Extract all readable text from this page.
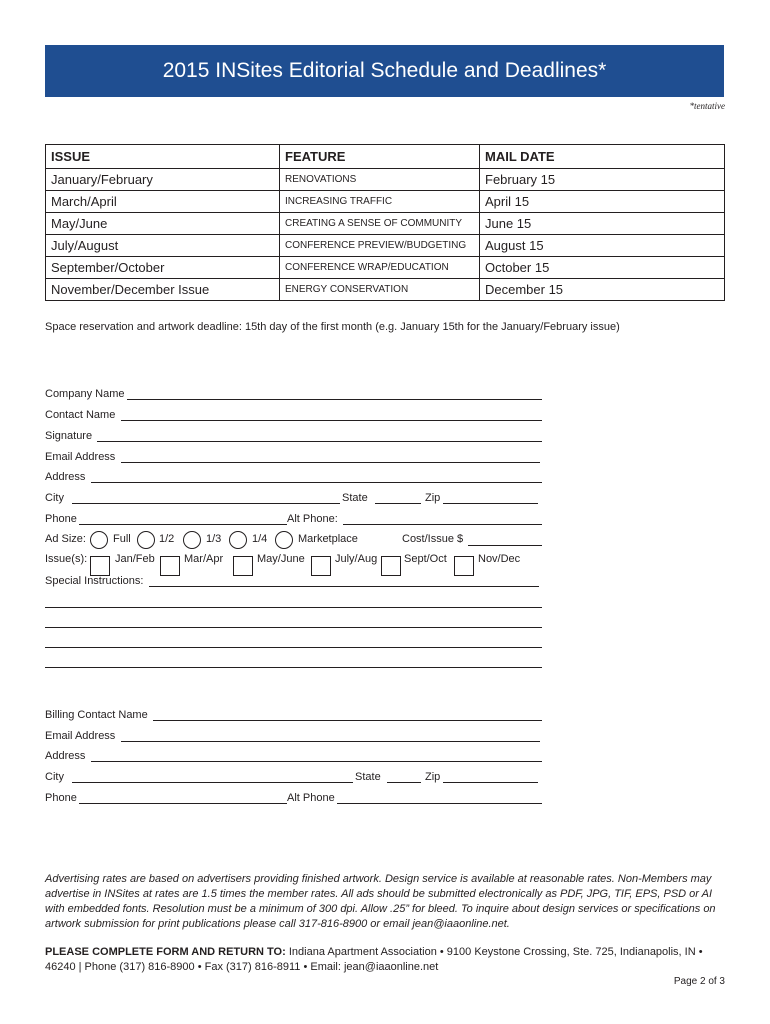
2015 INSites Editorial Schedule and Deadlines*
*tentative
ISSUE	FEATURE	MAIL DATE
January/February	RENOVATIONS	February 15
March/April	INCREASING TRAFFIC	April 15
May/June	CREATING A SENSE OF COMMUNITY	June 15
July/August	CONFERENCE PREVIEW/BUDGETING	August 15
September/October	CONFERENCE WRAP/EDUCATION	October 15
November/December Issue	ENERGY CONSERVATION	December 15
Space reservation and artwork deadline: 15th day of the first month (e.g. January 15th for the January/February issue)
Company Name
Contact Name
Signature
Email Address
Address
City	State	Zip
Phone	Alt Phone:
Ad Size: Full	1/2	1/3	1/4	Marketplace	Cost/Issue $
Issue(s):	Jan/Feb	Mar/Apr	May/June	July/Aug Sept/Oct	Nov/Dec
Special Instructions:
Billing Contact Name
Email Address
Address
City	State	Zip
Phone	Alt Phone
Advertising rates are based on advertisers providing finished artwork. Design service is available at reasonable rates. Non-Members may advertise in INSites at rates are 1.5 times the member rates. All ads should be submitted electronically as PDF, JPG, TIF, EPS, PSD or AI with embedded fonts. Resolution must be a minimum of 300 dpi. Allow .25” for bleed. To inquire about design services or specifications on artwork submission for print publications please call 317-816-8900 or email jean@iaaonline.net.
PLEASE COMPLETE FORM AND RETURN TO: Indiana Apartment Association • 9100 Keystone Crossing, Ste. 725, Indianapolis, IN • 46240 | Phone (317) 816-8900 • Fax (317) 816-8911 • Email: jean@iaaonline.net
Page 2 of 3
